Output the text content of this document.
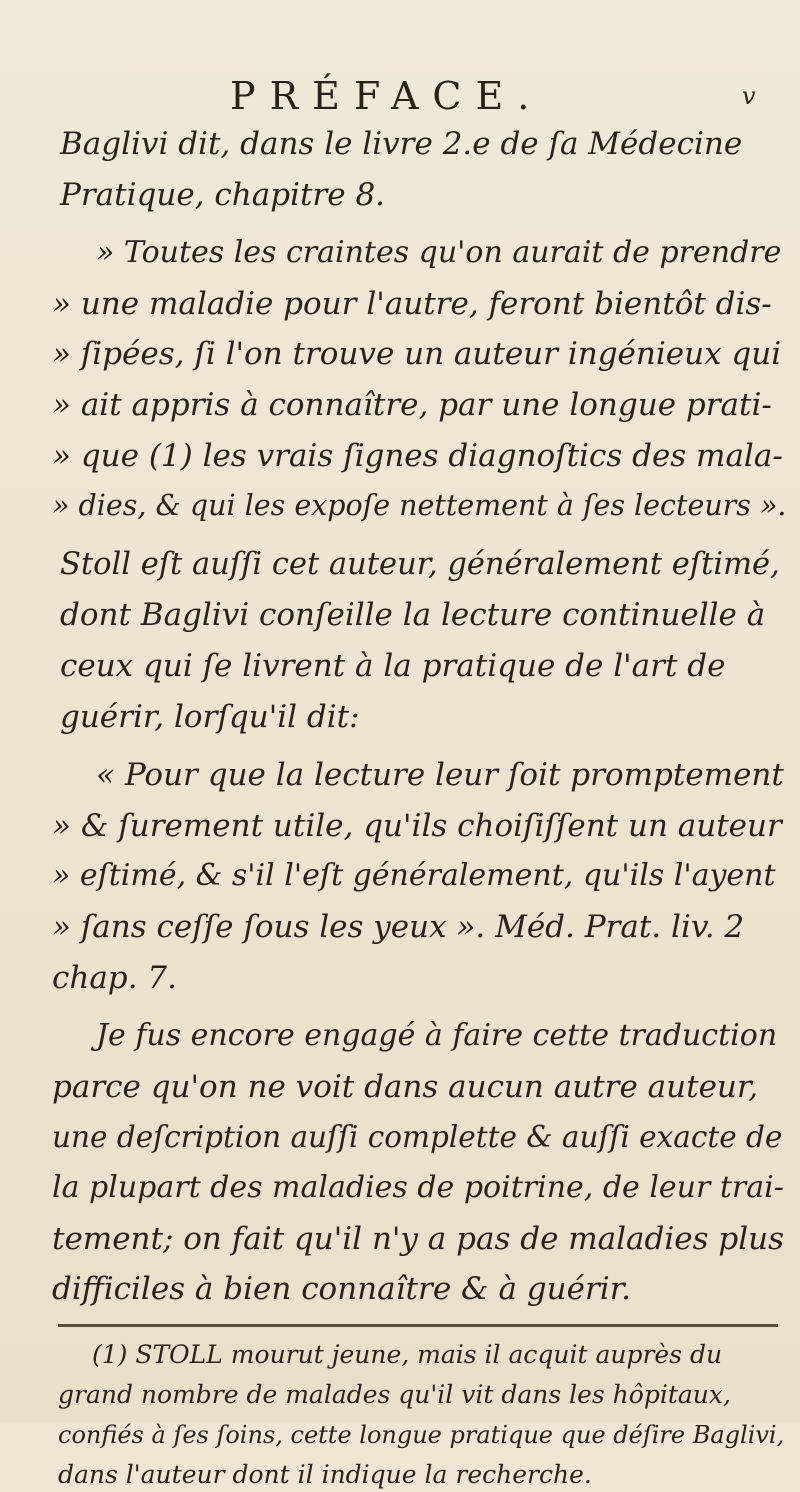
PRÉFACE.	v
Baglivi dit, dans le livre 2.e de ſa Médecine
Pratique, chapitre 8.
» Toutes les craintes qu'on aurait de prendre
» une maladie pour l'autre, feront bientôt dis-
» ſipées, ſi l'on trouve un auteur ingénieux qui
» ait appris à connaître, par une longue prati-
» que (1) les vrais ſignes diagnoſtics des mala-
» dies, & qui les expoſe nettement à ſes lecteurs ».
Stoll eſt auſſi cet auteur, généralement eſtimé,
dont Baglivi conſeille la lecture continuelle à
ceux qui ſe livrent à la pratique de l'art de
guérir, lorſqu'il dit:
« Pour que la lecture leur ſoit promptement
» & ſurement utile, qu'ils choiſiſſent un auteur
» eſtimé, & s'il l'eſt généralement, qu'ils l'ayent
» ſans ceſſe ſous les yeux ». Méd. Prat. liv. 2
chap. 7.
Je fus encore engagé à faire cette traduction
parce qu'on ne voit dans aucun autre auteur,
une deſcription auſſi complette & auſſi exacte de
la plupart des maladies de poitrine, de leur trai-
tement; on fait qu'il n'y a pas de maladies plus
difficiles à bien connaître & à guérir.
(1) STOLL mourut jeune, mais il acquit auprès du
grand nombre de malades qu'il vit dans les hôpitaux,
confiés à ſes ſoins, cette longue pratique que déſire Baglivi,
dans l'auteur dont il indique la recherche.
